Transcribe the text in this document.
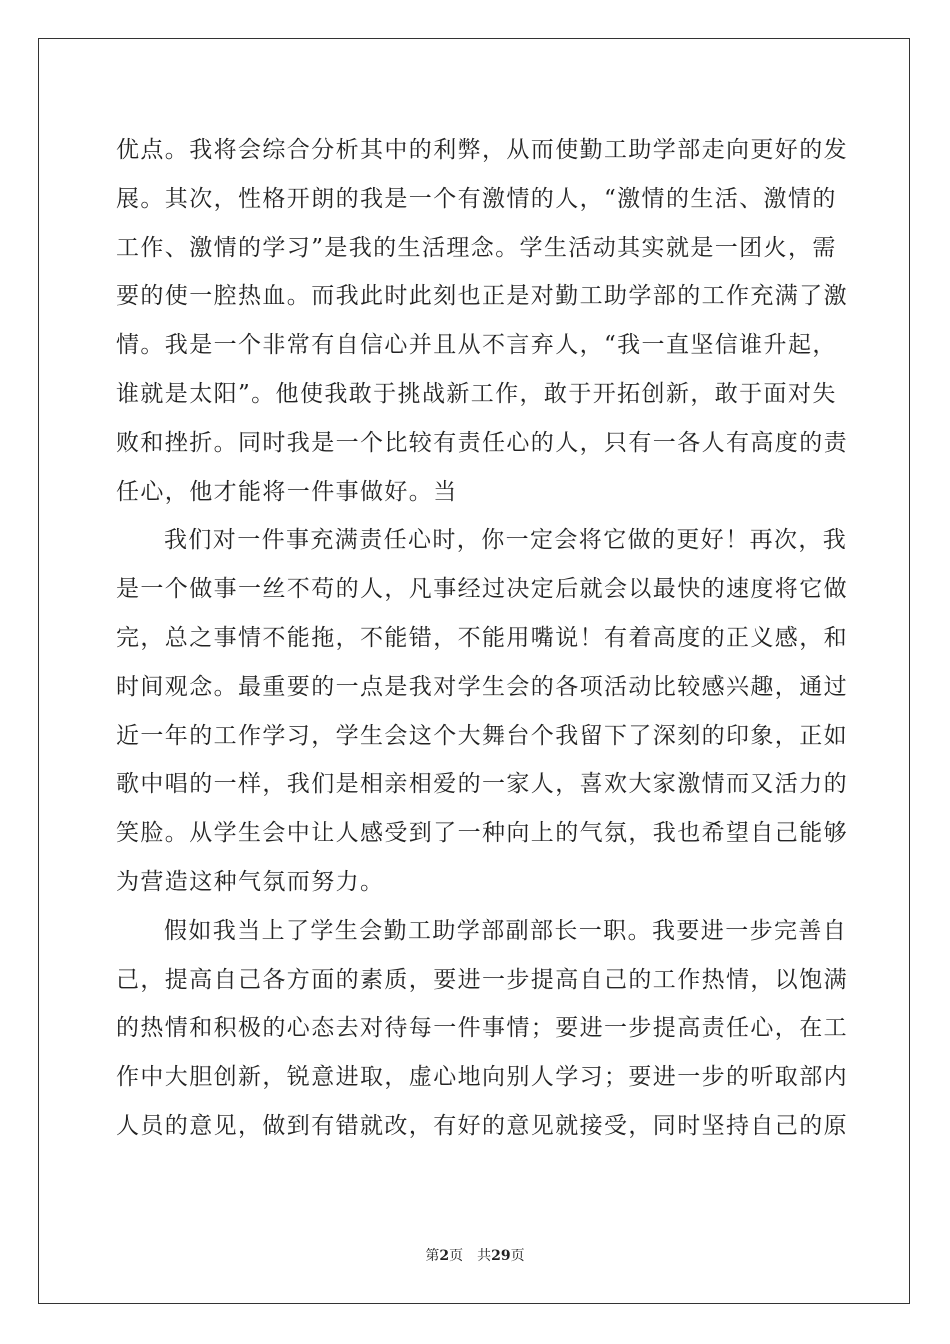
优点。我将会综合分析其中的利弊，从而使勤工助学部走向更好的发
展。其次，性格开朗的我是一个有激情的人，“激情的生活、激情的
工作、激情的学习”是我的生活理念。学生活动其实就是一团火，需
要的使一腔热血。而我此时此刻也正是对勤工助学部的工作充满了激
情。我是一个非常有自信心并且从不言弃人，“我一直坚信谁升起，
谁就是太阳”。他使我敢于挑战新工作，敢于开拓创新，敢于面对失
败和挫折。同时我是一个比较有责任心的人，只有一各人有高度的责
任心，他才能将一件事做好。当
我们对一件事充满责任心时，你一定会将它做的更好！再次，我
是一个做事一丝不苟的人，凡事经过决定后就会以最快的速度将它做
完，总之事情不能拖，不能错，不能用嘴说！有着高度的正义感，和
时间观念。最重要的一点是我对学生会的各项活动比较感兴趣，通过
近一年的工作学习，学生会这个大舞台个我留下了深刻的印象，正如
歌中唱的一样，我们是相亲相爱的一家人，喜欢大家激情而又活力的
笑脸。从学生会中让人感受到了一种向上的气氛，我也希望自己能够
为营造这种气氛而努力。
假如我当上了学生会勤工助学部副部长一职。我要进一步完善自
己，提高自己各方面的素质，要进一步提高自己的工作热情，以饱满
的热情和积极的心态去对待每一件事情；要进一步提高责任心，在工
作中大胆创新，锐意进取，虚心地向别人学习；要进一步的听取部内
人员的意见，做到有错就改，有好的意见就接受，同时坚持自己的原
第2页 共29页
